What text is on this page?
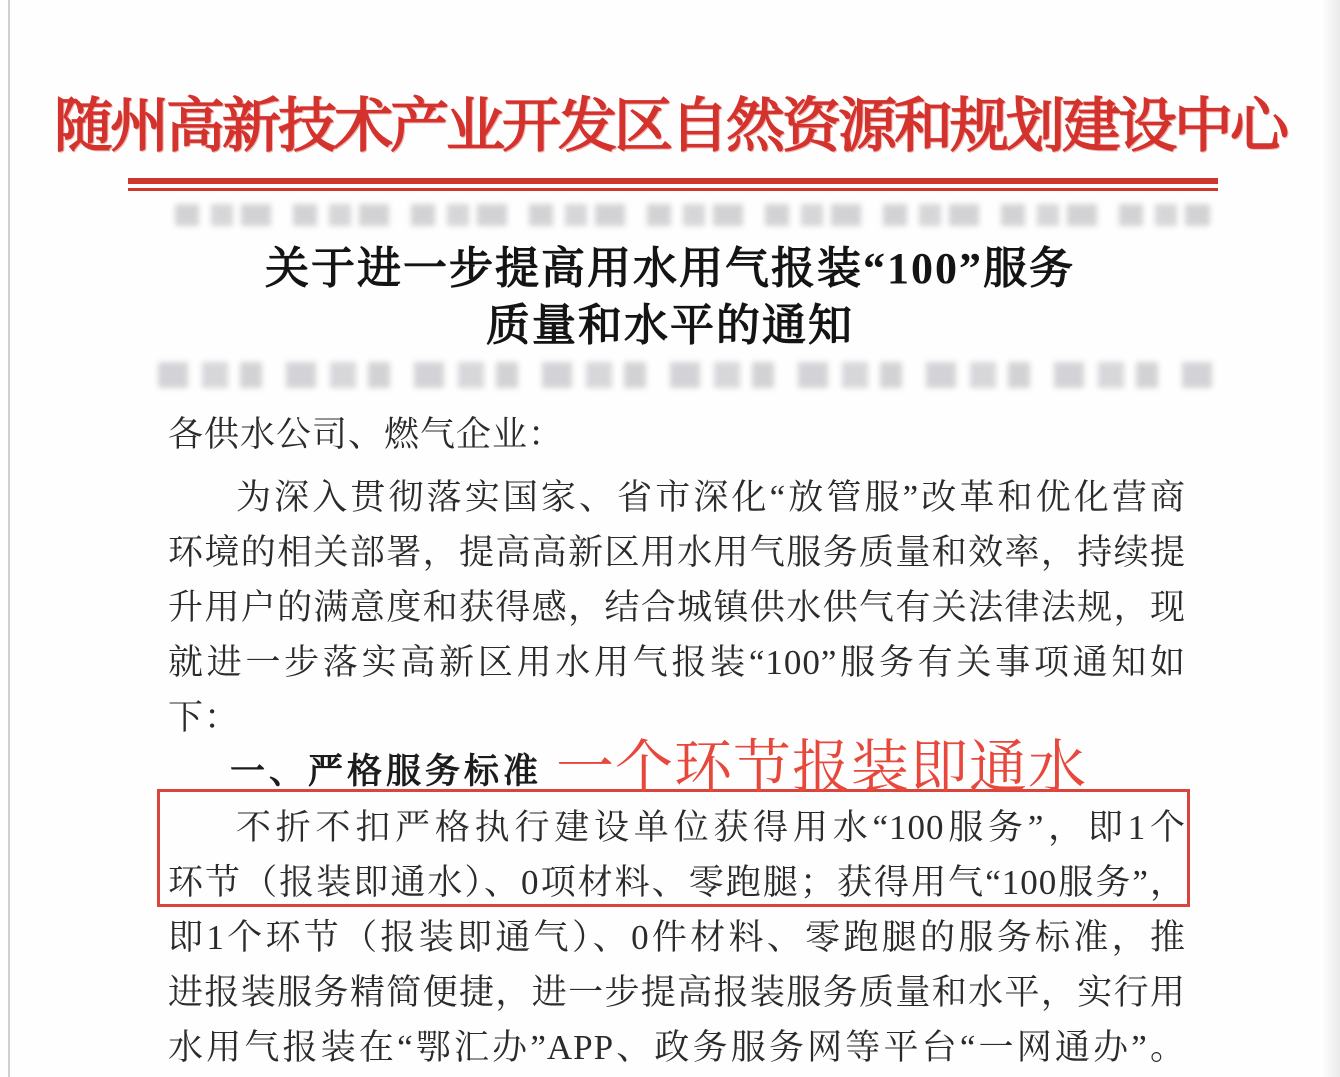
随州高新技术产业开发区自然资源和规划建设中心
关于进一步提高用水用气报装“100”服务
质量和水平的通知
各供水公司、燃气企业：
为深入贯彻落实国家、省市深化“放管服”改革和优化营商
环境的相关部署，提高高新区用水用气服务质量和效率，持续提
升用户的满意度和获得感，结合城镇供水供气有关法律法规，现
就进一步落实高新区用水用气报装“100”服务有关事项通知如
下：
一、严格服务标准
不折不扣严格执行建设单位获得用水“100服务”，即1个
环节（报装即通水）、0项材料、零跑腿；获得用气“100服务”，
即1个环节（报装即通气）、0件材料、零跑腿的服务标准，推
进报装服务精简便捷，进一步提高报装服务质量和水平，实行用
水用气报装在“鄂汇办”APP、政务服务网等平台“一网通办”。
一个环节报装即通水
